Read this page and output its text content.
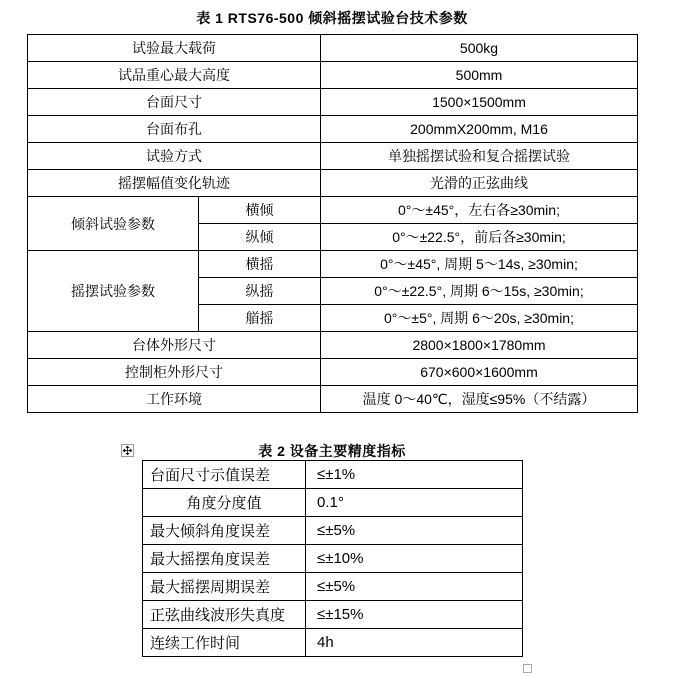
表 1 RTS76-500 倾斜摇摆试验台技术参数
试验最大载荷		500kg
试品重心最大高度		500mm
台面尺寸		1500×1500mm
台面布孔		200mmX200mm, M16
试验方式		单独摇摆试验和复合摇摆试验
摇摆幅值变化轨迹		光滑的正弦曲线
倾斜试验参数	横倾	0°～±45°，左右各≥30min;
	纵倾	0°～±22.5°，前后各≥30min;
摇摆试验参数	横摇	0°～±45°, 周期 5～14s, ≥30min;
	纵摇	0°～±22.5°, 周期 6～15s, ≥30min;
	艏摇	0°～±5°, 周期 6～20s, ≥30min;
台体外形尺寸		2800×1800×1780mm
控制柜外形尺寸		670×600×1600mm
工作环境		温度 0～40℃，湿度≤95%（不结露）
表 2 设备主要精度指标
台面尺寸示值误差	≤±1%
角度分度值	0.1°
最大倾斜角度误差	≤±5%
最大摇摆角度误差	≤±10%
最大摇摆周期误差	≤±5%
正弦曲线波形失真度	≤±15%
连续工作时间	4h
